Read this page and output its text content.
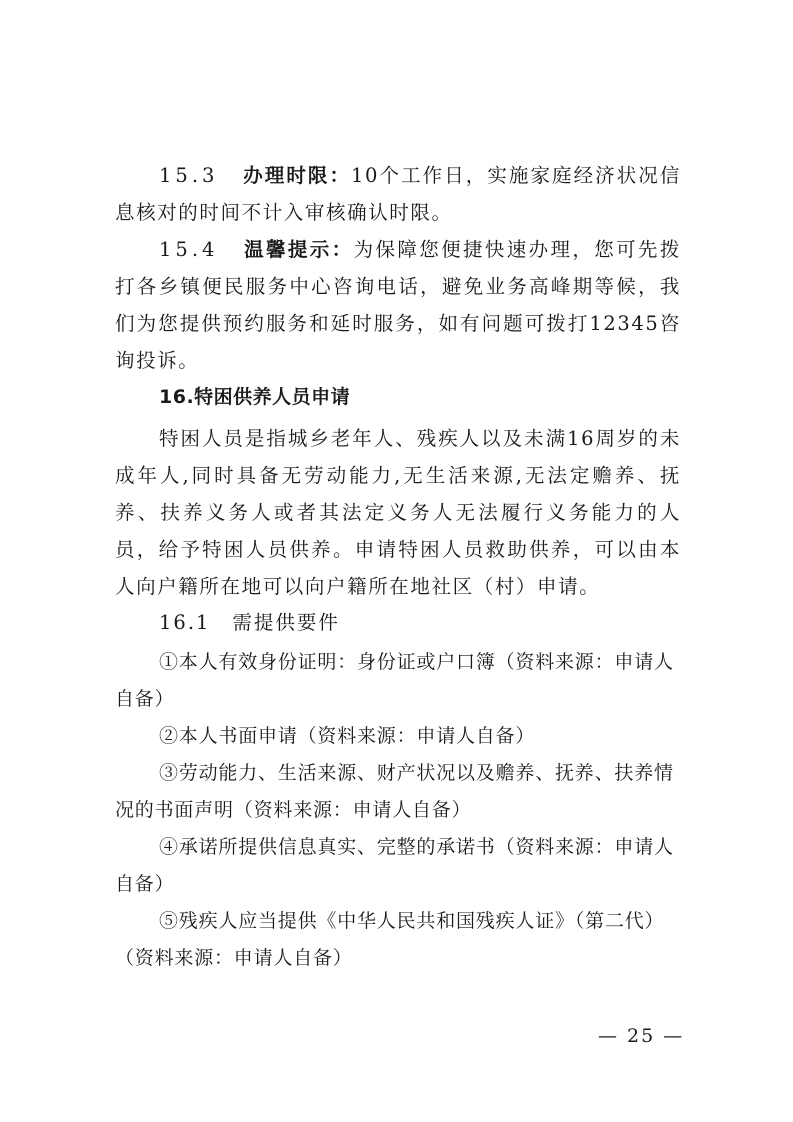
15.3 办理时限：10个工作日，实施家庭经济状况信息核对的时间不计入审核确认时限。

15.4 温馨提示：为保障您便捷快速办理，您可先拨打各乡镇便民服务中心咨询电话，避免业务高峰期等候，我们为您提供预约服务和延时服务，如有问题可拨打12345咨询投诉。

16.特困供养人员申请

特困人员是指城乡老年人、残疾人以及未满16周岁的未成年人,同时具备无劳动能力,无生活来源,无法定赡养、抚养、扶养义务人或者其法定义务人无法履行义务能力的人员，给予特困人员供养。申请特困人员救助供养，可以由本人向户籍所在地可以向户籍所在地社区（村）申请。

16.1 需提供要件

①本人有效身份证明：身份证或户口簿（资料来源：申请人自备）

②本人书面申请（资料来源：申请人自备）

③劳动能力、生活来源、财产状况以及赡养、抚养、扶养情况的书面声明（资料来源：申请人自备）

④承诺所提供信息真实、完整的承诺书（资料来源：申请人自备）

⑤残疾人应当提供《中华人民共和国残疾人证》（第二代）（资料来源：申请人自备）

— 25 —
